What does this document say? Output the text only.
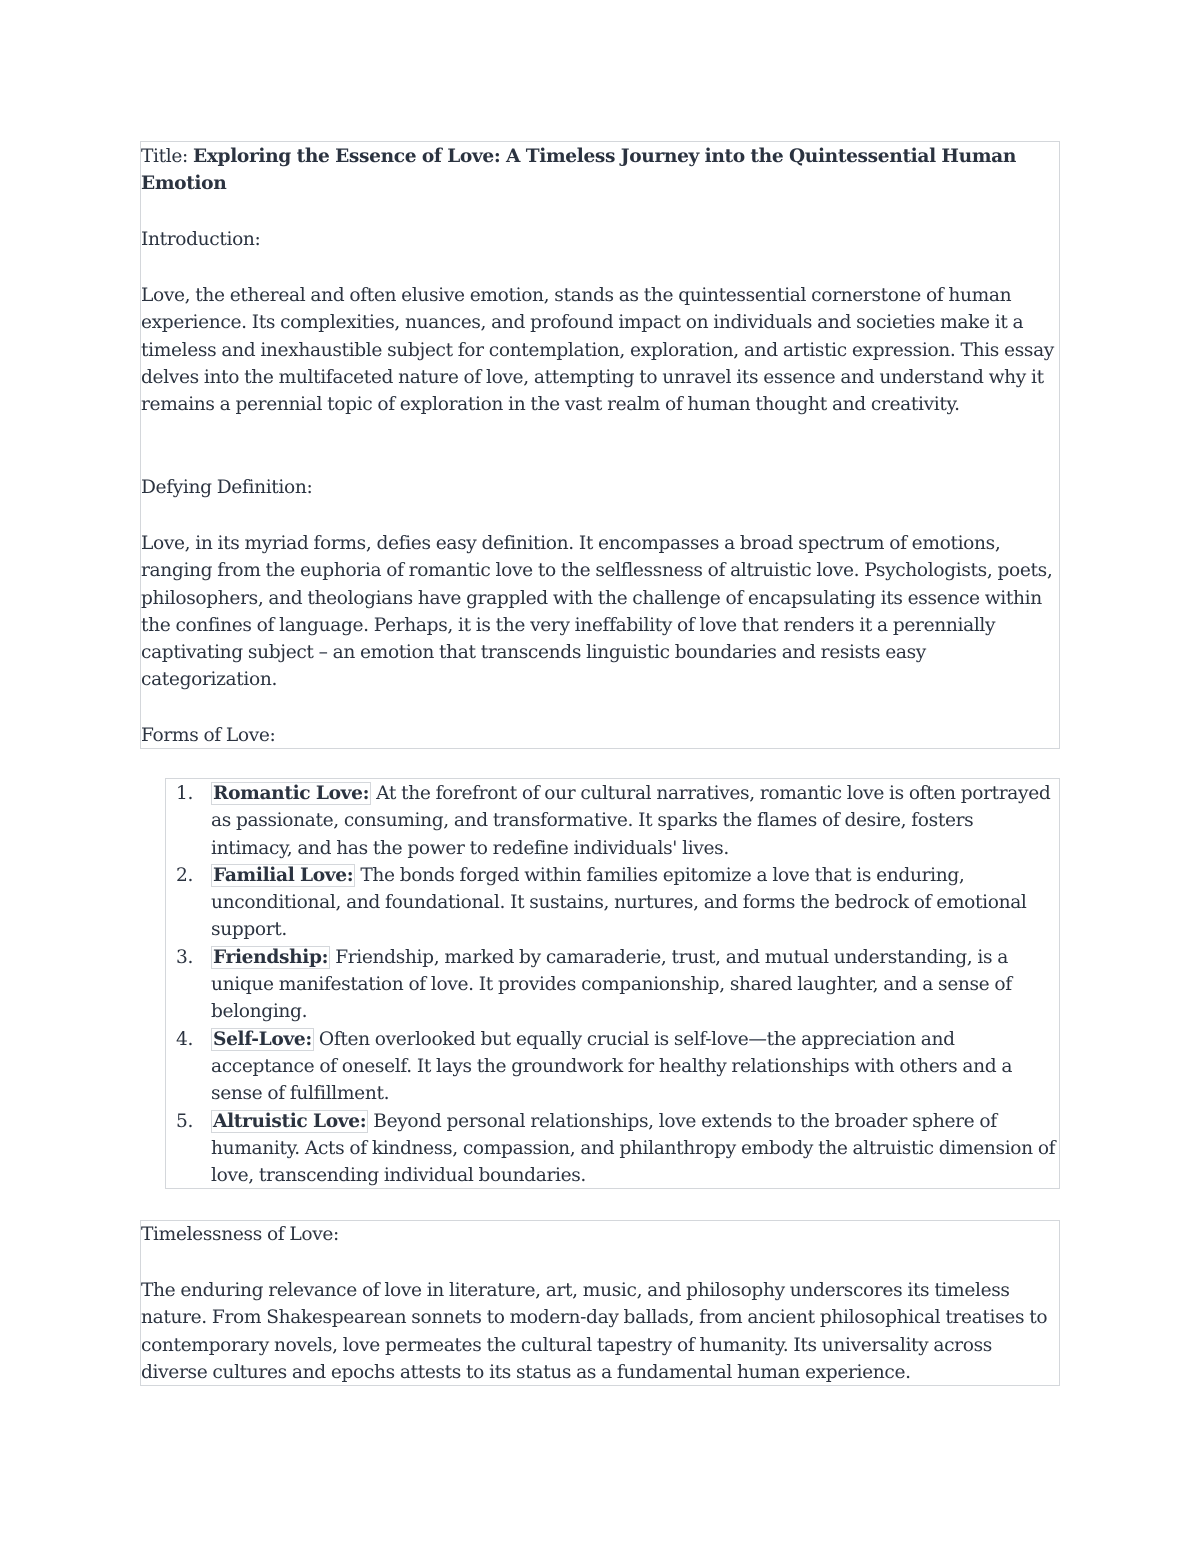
Title: Exploring the Essence of Love: A Timeless Journey into the Quintessential Human Emotion

Introduction:

Love, the ethereal and often elusive emotion, stands as the quintessential cornerstone of human experience. Its complexities, nuances, and profound impact on individuals and societies make it a timeless and inexhaustible subject for contemplation, exploration, and artistic expression. This essay delves into the multifaceted nature of love, attempting to unravel its essence and understand why it remains a perennial topic of exploration in the vast realm of human thought and creativity.

Defying Definition:

Love, in its myriad forms, defies easy definition. It encompasses a broad spectrum of emotions, ranging from the euphoria of romantic love to the selflessness of altruistic love. Psychologists, poets, philosophers, and theologians have grappled with the challenge of encapsulating its essence within the confines of language. Perhaps, it is the very ineffability of love that renders it a perennially captivating subject – an emotion that transcends linguistic boundaries and resists easy categorization.

Forms of Love:

1. Romantic Love: At the forefront of our cultural narratives, romantic love is often portrayed as passionate, consuming, and transformative. It sparks the flames of desire, fosters intimacy, and has the power to redefine individuals' lives.
2. Familial Love: The bonds forged within families epitomize a love that is enduring, unconditional, and foundational. It sustains, nurtures, and forms the bedrock of emotional support.
3. Friendship: Friendship, marked by camaraderie, trust, and mutual understanding, is a unique manifestation of love. It provides companionship, shared laughter, and a sense of belonging.
4. Self-Love: Often overlooked but equally crucial is self-love—the appreciation and acceptance of oneself. It lays the groundwork for healthy relationships with others and a sense of fulfillment.
5. Altruistic Love: Beyond personal relationships, love extends to the broader sphere of humanity. Acts of kindness, compassion, and philanthropy embody the altruistic dimension of love, transcending individual boundaries.

Timelessness of Love:

The enduring relevance of love in literature, art, music, and philosophy underscores its timeless nature. From Shakespearean sonnets to modern-day ballads, from ancient philosophical treatises to contemporary novels, love permeates the cultural tapestry of humanity. Its universality across diverse cultures and epochs attests to its status as a fundamental human experience.
